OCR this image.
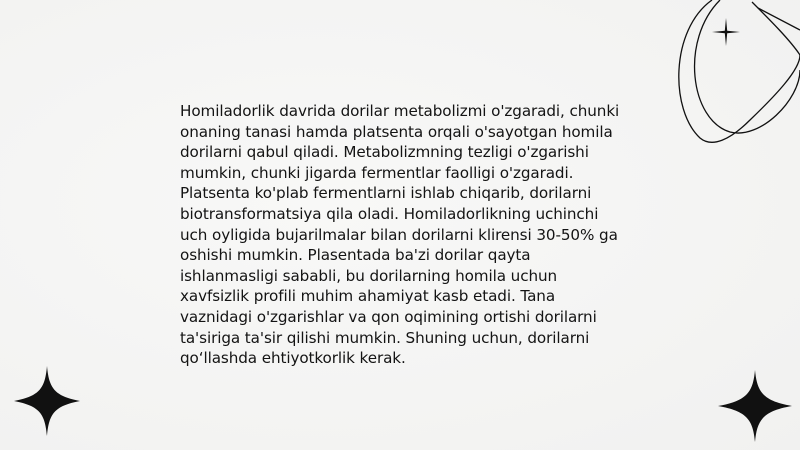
Homiladorlik davrida dorilar metabolizmi o'zgaradi, chunki onaning tanasi hamda platsenta orqali o'sayotgan homila dorilarni qabul qiladi. Metabolizmning tezligi o'zgarishi mumkin, chunki jigarda fermentlar faolligi o'zgaradi. Platsenta ko'plab fermentlarni ishlab chiqarib, dorilarni biotransformatsiya qila oladi. Homiladorlikning uchinchi uch oyligida bujarilmalar bilan dorilarni klirensi 30-50% ga oshishi mumkin. Plasentada ba'zi dorilar qayta ishlanmasligi sababli, bu dorilarning homila uchun xavfsizlik profili muhim ahamiyat kasb etadi. Tana vaznidagi o'zgarishlar va qon oqimining ortishi dorilarni ta'siriga ta'sir qilishi mumkin. Shuning uchun, dorilarni qo‘llashda ehtiyotkorlik kerak.
